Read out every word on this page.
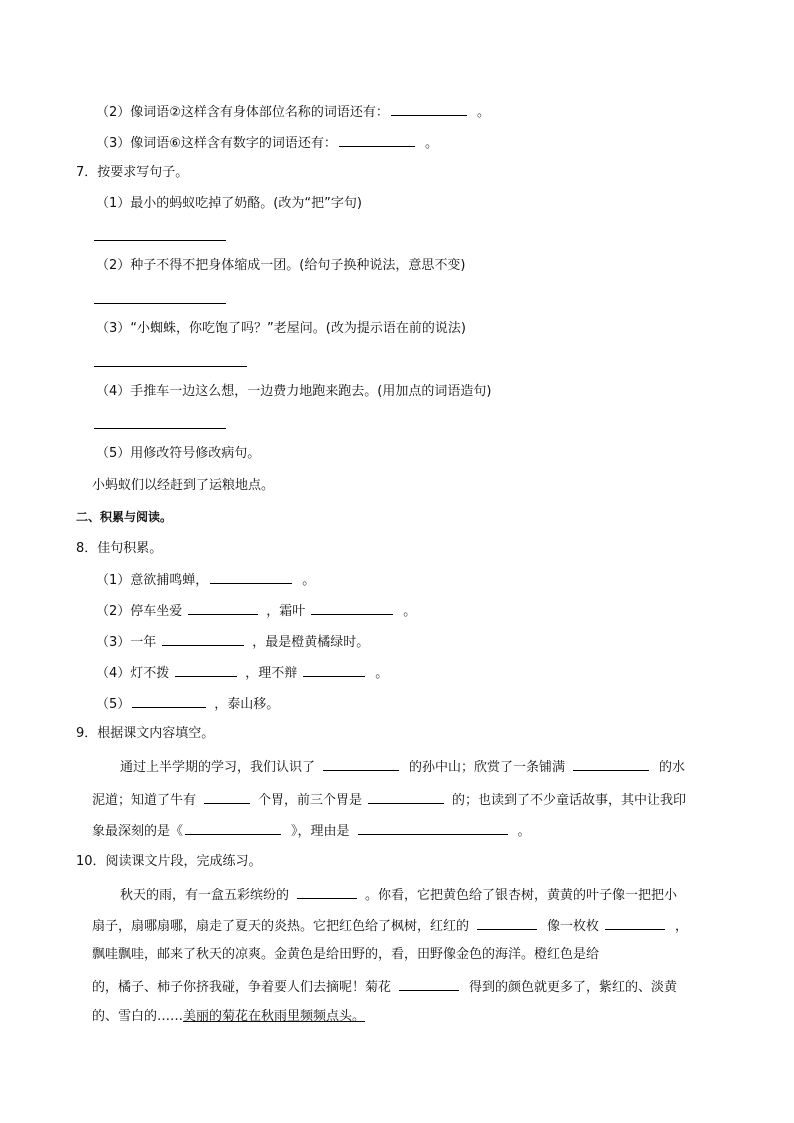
（2）像词语②这样含有身体部位名称的词语还有：	。
（3）像词语⑥这样含有数字的词语还有：	。
7．按要求写句子。
（1）最小的蚂蚁吃掉了奶酪。(改为“把”字句)
（2）种子不得不把身体缩成一团。(给句子换种说法，意思不变)
（3）“小蜘蛛，你吃饱了吗？”老屋问。(改为提示语在前的说法)
（4）手推车一边这么想，一边费力地跑来跑去。(用加点的词语造句)
（5）用修改符号修改病句。
小蚂蚁们以经赶到了运粮地点。
二、积累与阅读。
8．佳句积累。
（1）意欲捕鸣蝉，	。
（2）停车坐爱	，霜叶	。
（3）一年	，最是橙黄橘绿时。
（4）灯不拨	，理不辩	。
（5）	，泰山移。
9．根据课文内容填空。
通过上半学期的学习，我们认识了	的孙中山；欣赏了一条铺满	的水
泥道；知道了牛有	个胃，前三个胃是	的；也读到了不少童话故事，其中让我印
象最深刻的是《	》，理由是	。
10．阅读课文片段，完成练习。
秋天的雨，有一盒五彩缤纷的	。你看，它把黄色给了银杏树，黄黄的叶子像一把把小
扇子，扇哪扇哪，扇走了夏天的炎热。它把红色给了枫树，红红的	像一枚枚	，
飘哇飘哇，邮来了秋天的凉爽。金黄色是给田野的，看，田野像金色的海洋。橙红色是给
的，橘子、柿子你挤我碰，争着要人们去摘呢！菊花	得到的颜色就更多了，紫红的、淡黄
的、雪白的……美丽的菊花在秋雨里频频点头。
